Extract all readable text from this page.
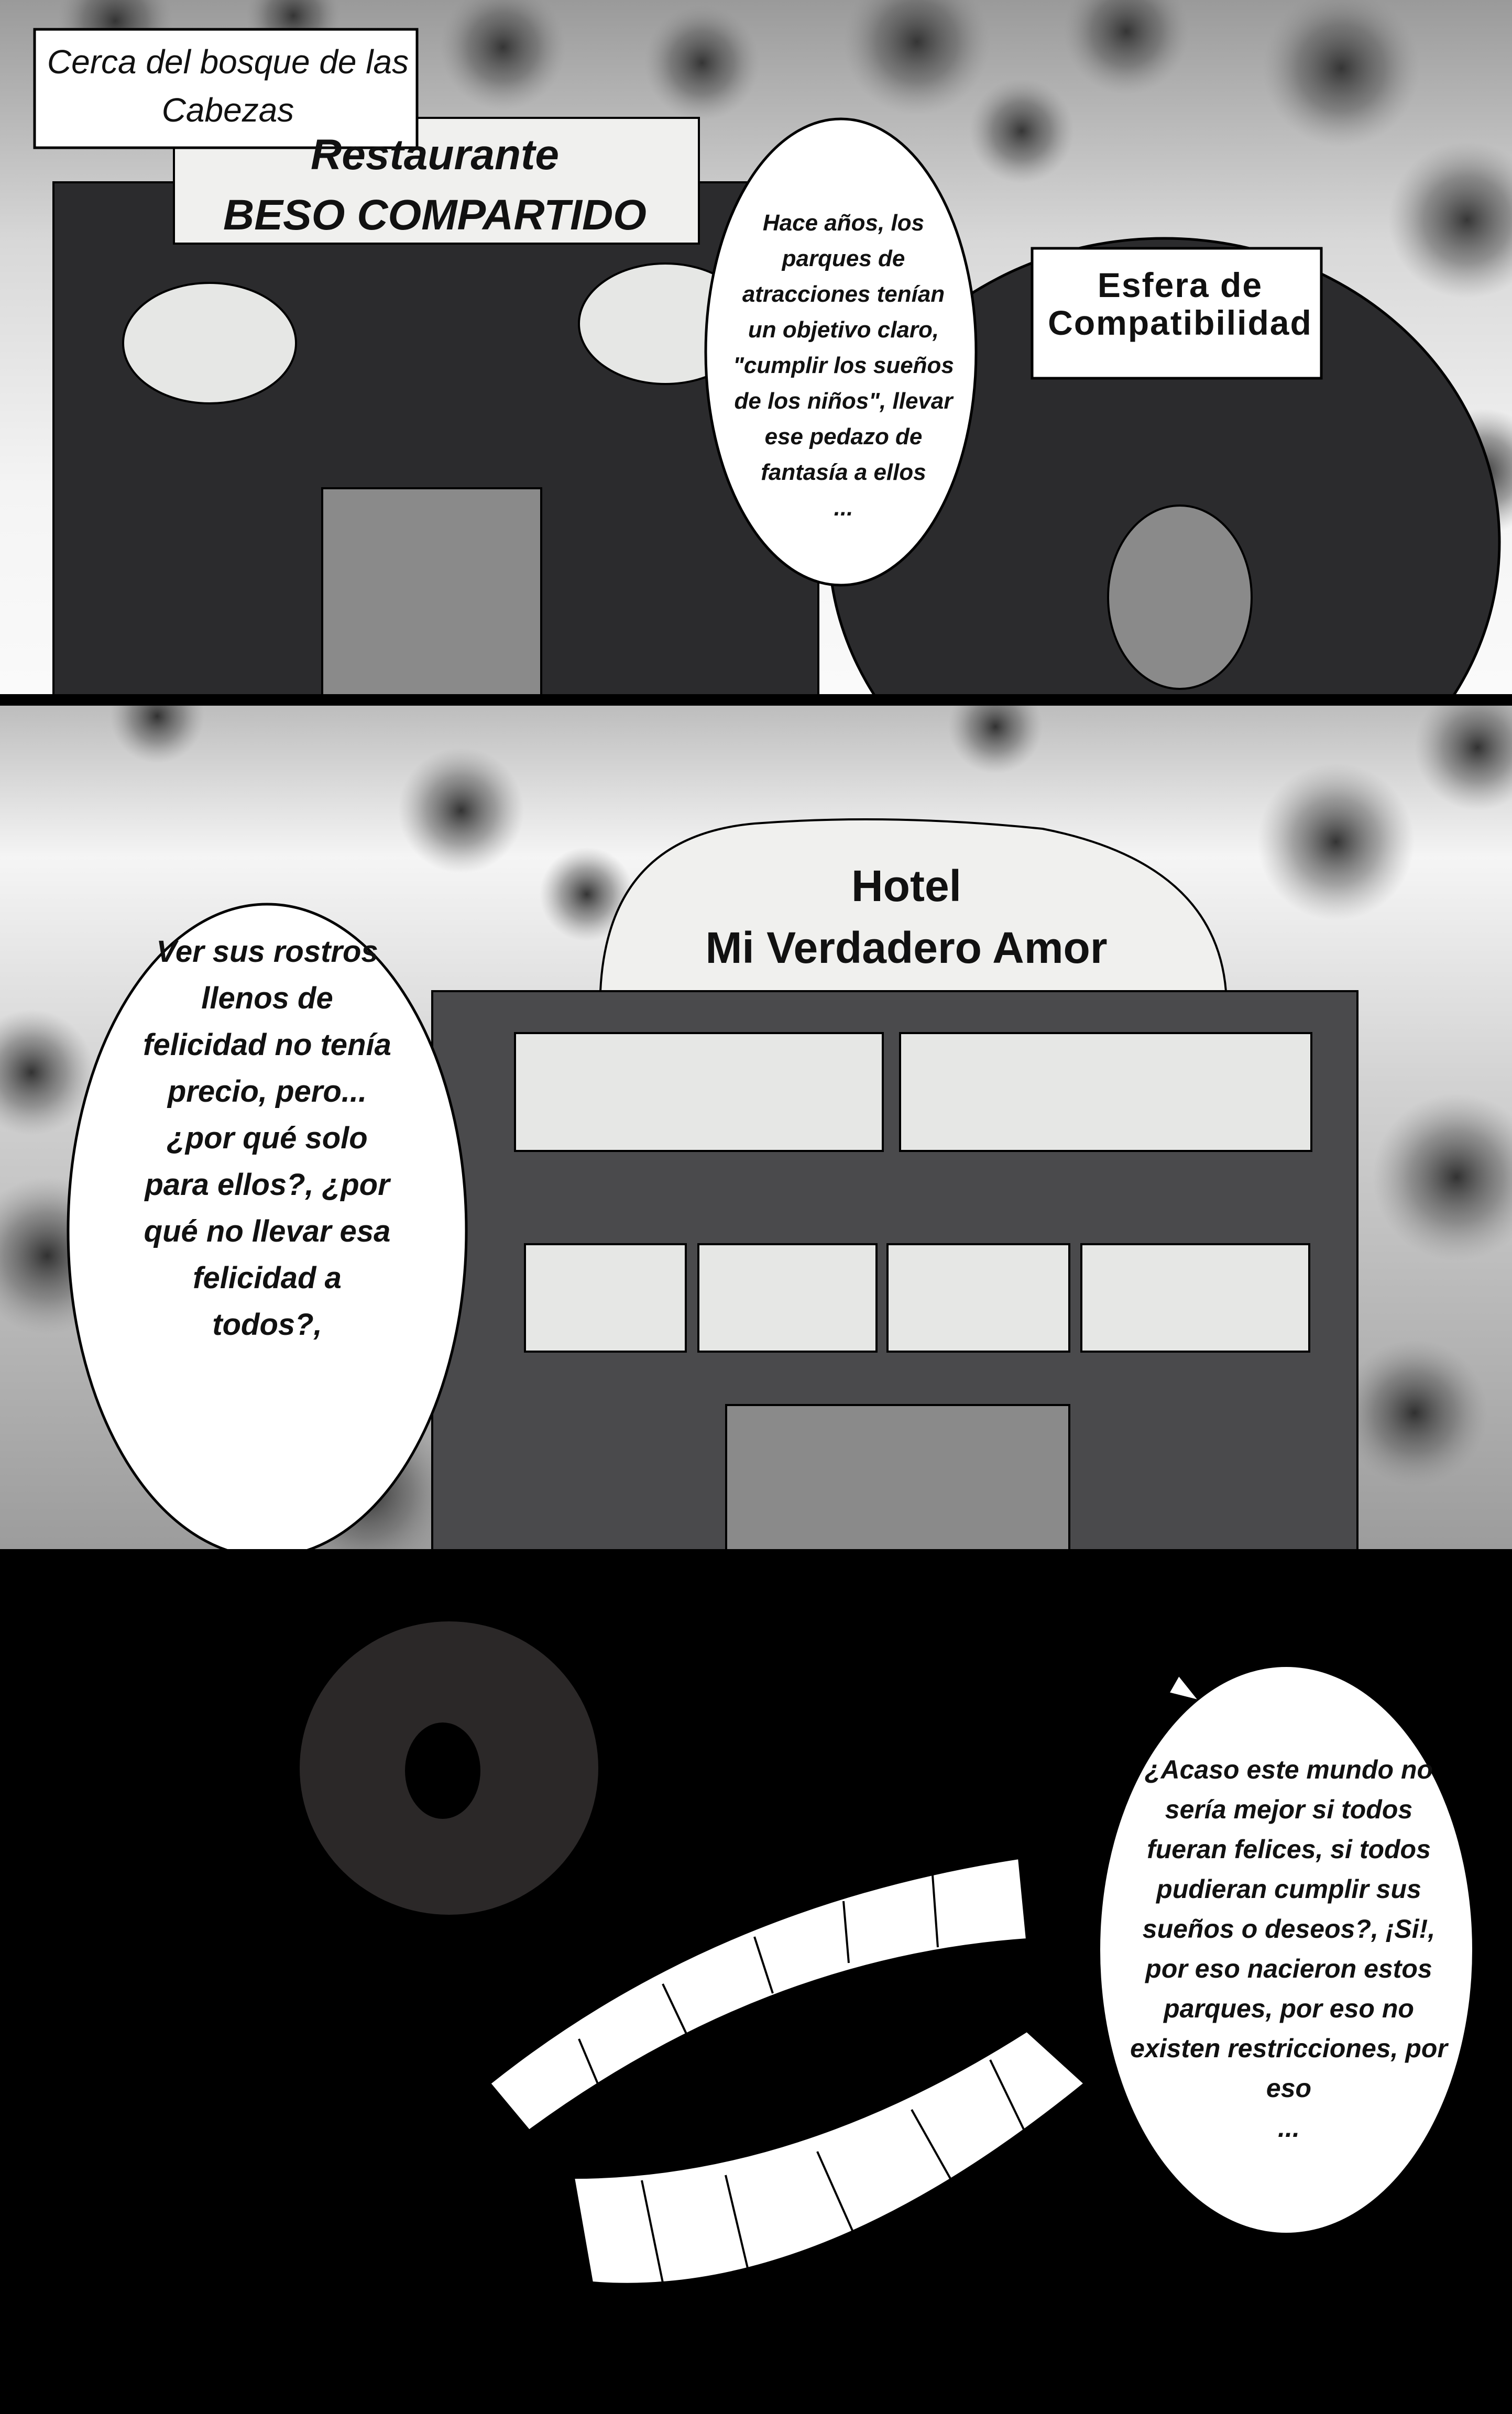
Cerca del bosque de las
Cabezas
Restaurante
BESO COMPARTIDO
Esfera de
Compatibilidad
Hace años, los
parques de
atracciones tenían
un objetivo claro,
"cumplir los sueños
de los niños", llevar
ese pedazo de
fantasía a ellos
...
Hotel
Mi Verdadero Amor
Ver sus rostros
llenos de
felicidad no tenía
precio, pero...
¿por qué solo
para ellos?, ¿por
qué no llevar esa
felicidad a
todos?,
¿Acaso este mundo no
sería mejor si todos
fueran felices, si todos
pudieran cumplir sus
sueños o deseos?, ¡Si!,
por eso nacieron estos
parques, por eso no
existen restricciones, por
eso
...
